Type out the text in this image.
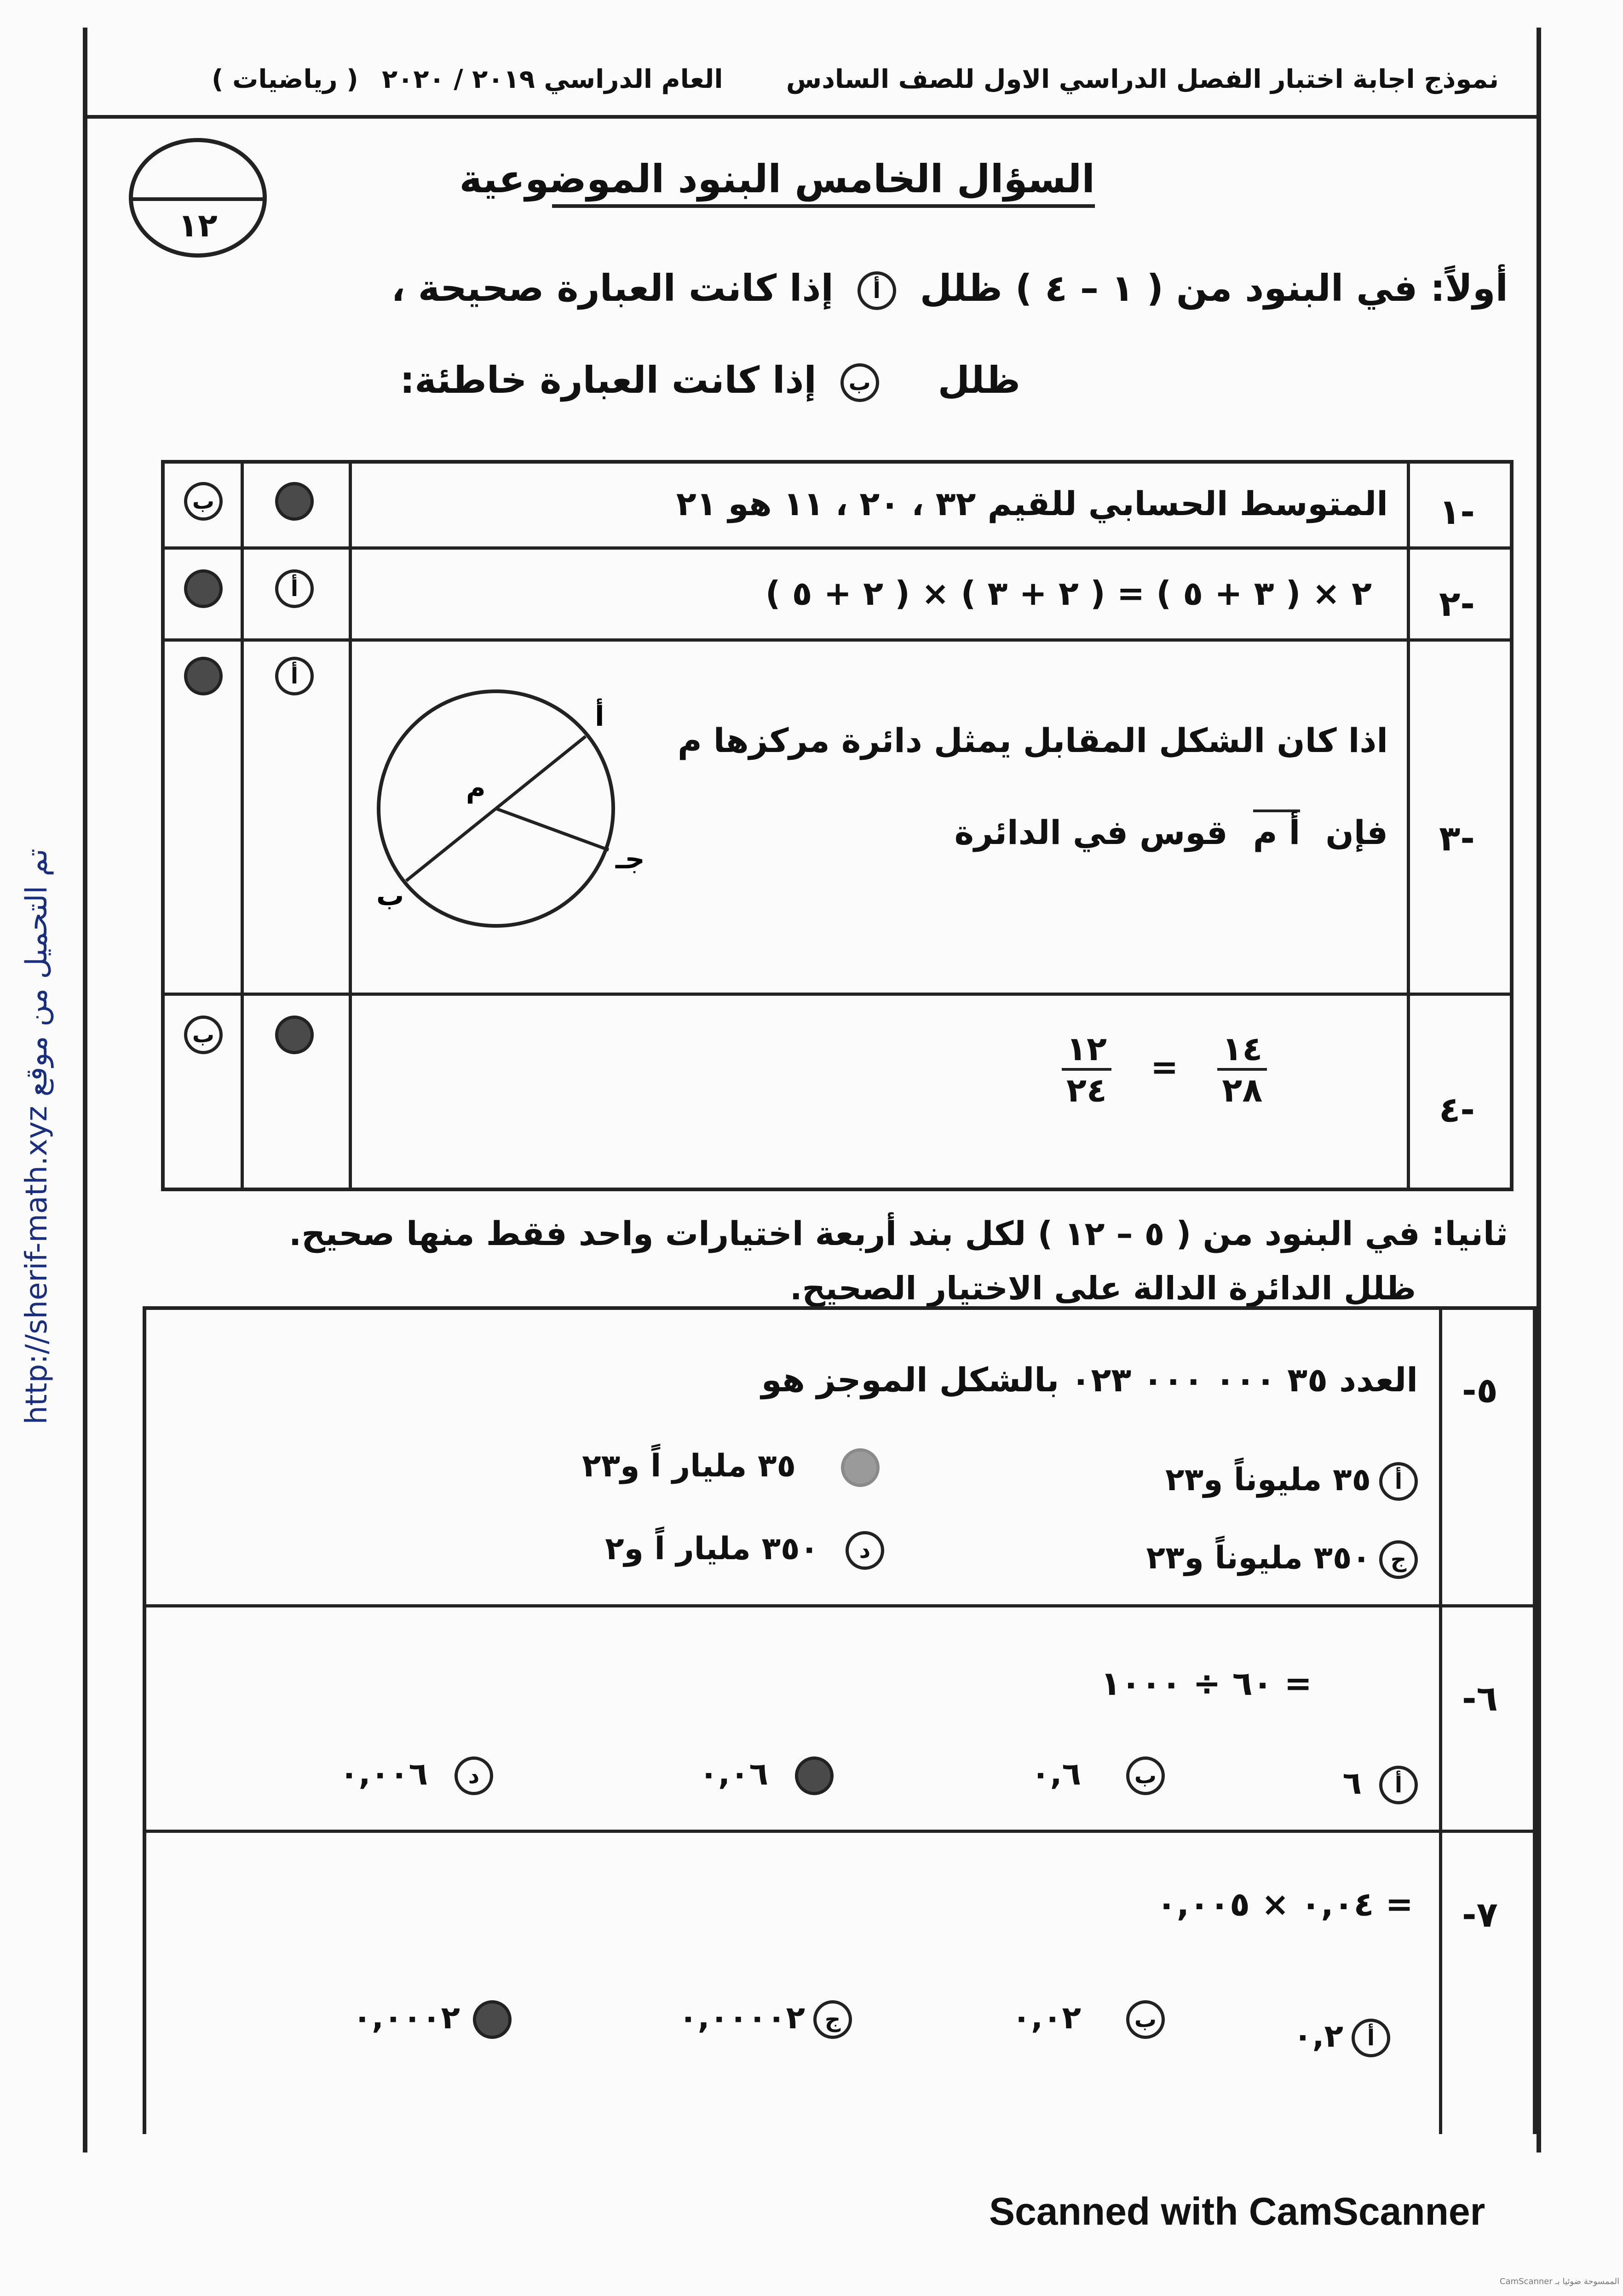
نموذج اجابة اختبار الفصل الدراسي الاول للصف السادس
العام الدراسي ٢٠١٩ / ٢٠٢٠
( رياضيات )
١٢
السؤال الخامس البنود الموضوعية
أولاً: في البنود من ( ١ – ٤ ) ظلل أ إذا كانت العبارة صحيحة ،
ظلل ب إذا كانت العبارة خاطئة:
-١
المتوسط الحسابي للقيم ٣٢ ، ٢٠ ، ١١ هو ٢١
ب
-٢
٢ × ( ٣ + ٥ ) = ( ٢ + ٣ ) × ( ٢ + ٥ )
أ
-٣
اذا كان الشكل المقابل يمثل دائرة مركزها م
فإن أ م قوس في الدائرة
أ
أ
جـ
ب
م
-٤
$\frac{١٢}{٢٤} = \frac{١٤}{٢٨}$
ب
ثانيا: في البنود من ( ٥ – ١٢ ) لكل بند أربعة اختيارات واحد فقط منها صحيح.
ظلل الدائرة الدالة على الاختيار الصحيح.
-٥
العدد ٣٥ ٠٠٠ ٠٠٠ ٠٢٣ بالشكل الموجز هو
أ٣٥ مليوناً و٢٣
٣٥ مليار اً و٢٣
ج٣٥٠ مليوناً و٢٣
د٣٥٠ مليار اً و٢
-٦
٦٠ ÷ ١٠٠٠ =
أ٦
ب٠,٦
٠,٠٦
د٠,٠٠٦
-٧
٠,٠٤ × ٠,٠٠٥ =
أ٠,٢
ب٠,٠٢
ج٠,٠٠٠٠٢
٠,٠٠٠٢
http://sherif-math.xyz تم التحميل من موقع
Scanned with CamScanner
CamScanner الممسوحة ضوئيا بـ
